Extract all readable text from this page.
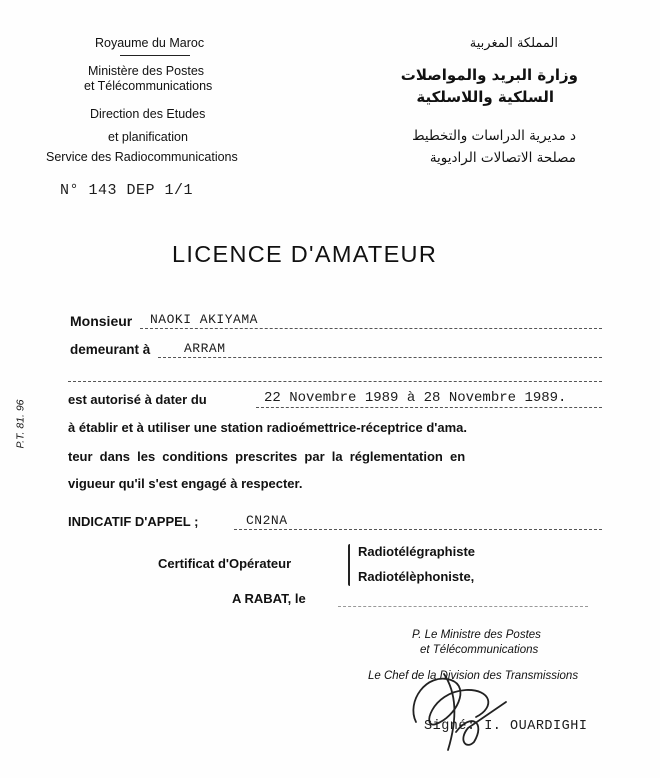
Royaume du Maroc
Ministère des Postes
et Télécommunications
Direction des Etudes
et planification
Service des Radiocommunications
المملكة المغربية
وزارة البريد والمواصلات
السلكية واللاسلكية
د مديرية الدراسات والتخطيط
مصلحة الاتصالات الراديوية
N° 143 DEP 1/1
LICENCE D'AMATEUR
P.T. 81. 96
Monsieur NAOKI AKIYAMA
demeurant à	ARRAM
est autorisé à dater du	22 Novembre 1989 à 28 Novembre 1989.
à établir et à utiliser une station radioémettrice-réceptrice d'ama.
teur dans les conditions prescrites par la réglementation en
vigueur qu'il s'est engagé à respecter.
INDICATIF D'APPEL ;	CN2NA
Certificat d'Opérateur
Radiotélégraphiste
Radiotélèphoniste,
A RABAT, le
P. Le Ministre des Postes
et Télécommunications
Le Chef de la Division des Transmissions
Signé: I. OUARDIGHI
